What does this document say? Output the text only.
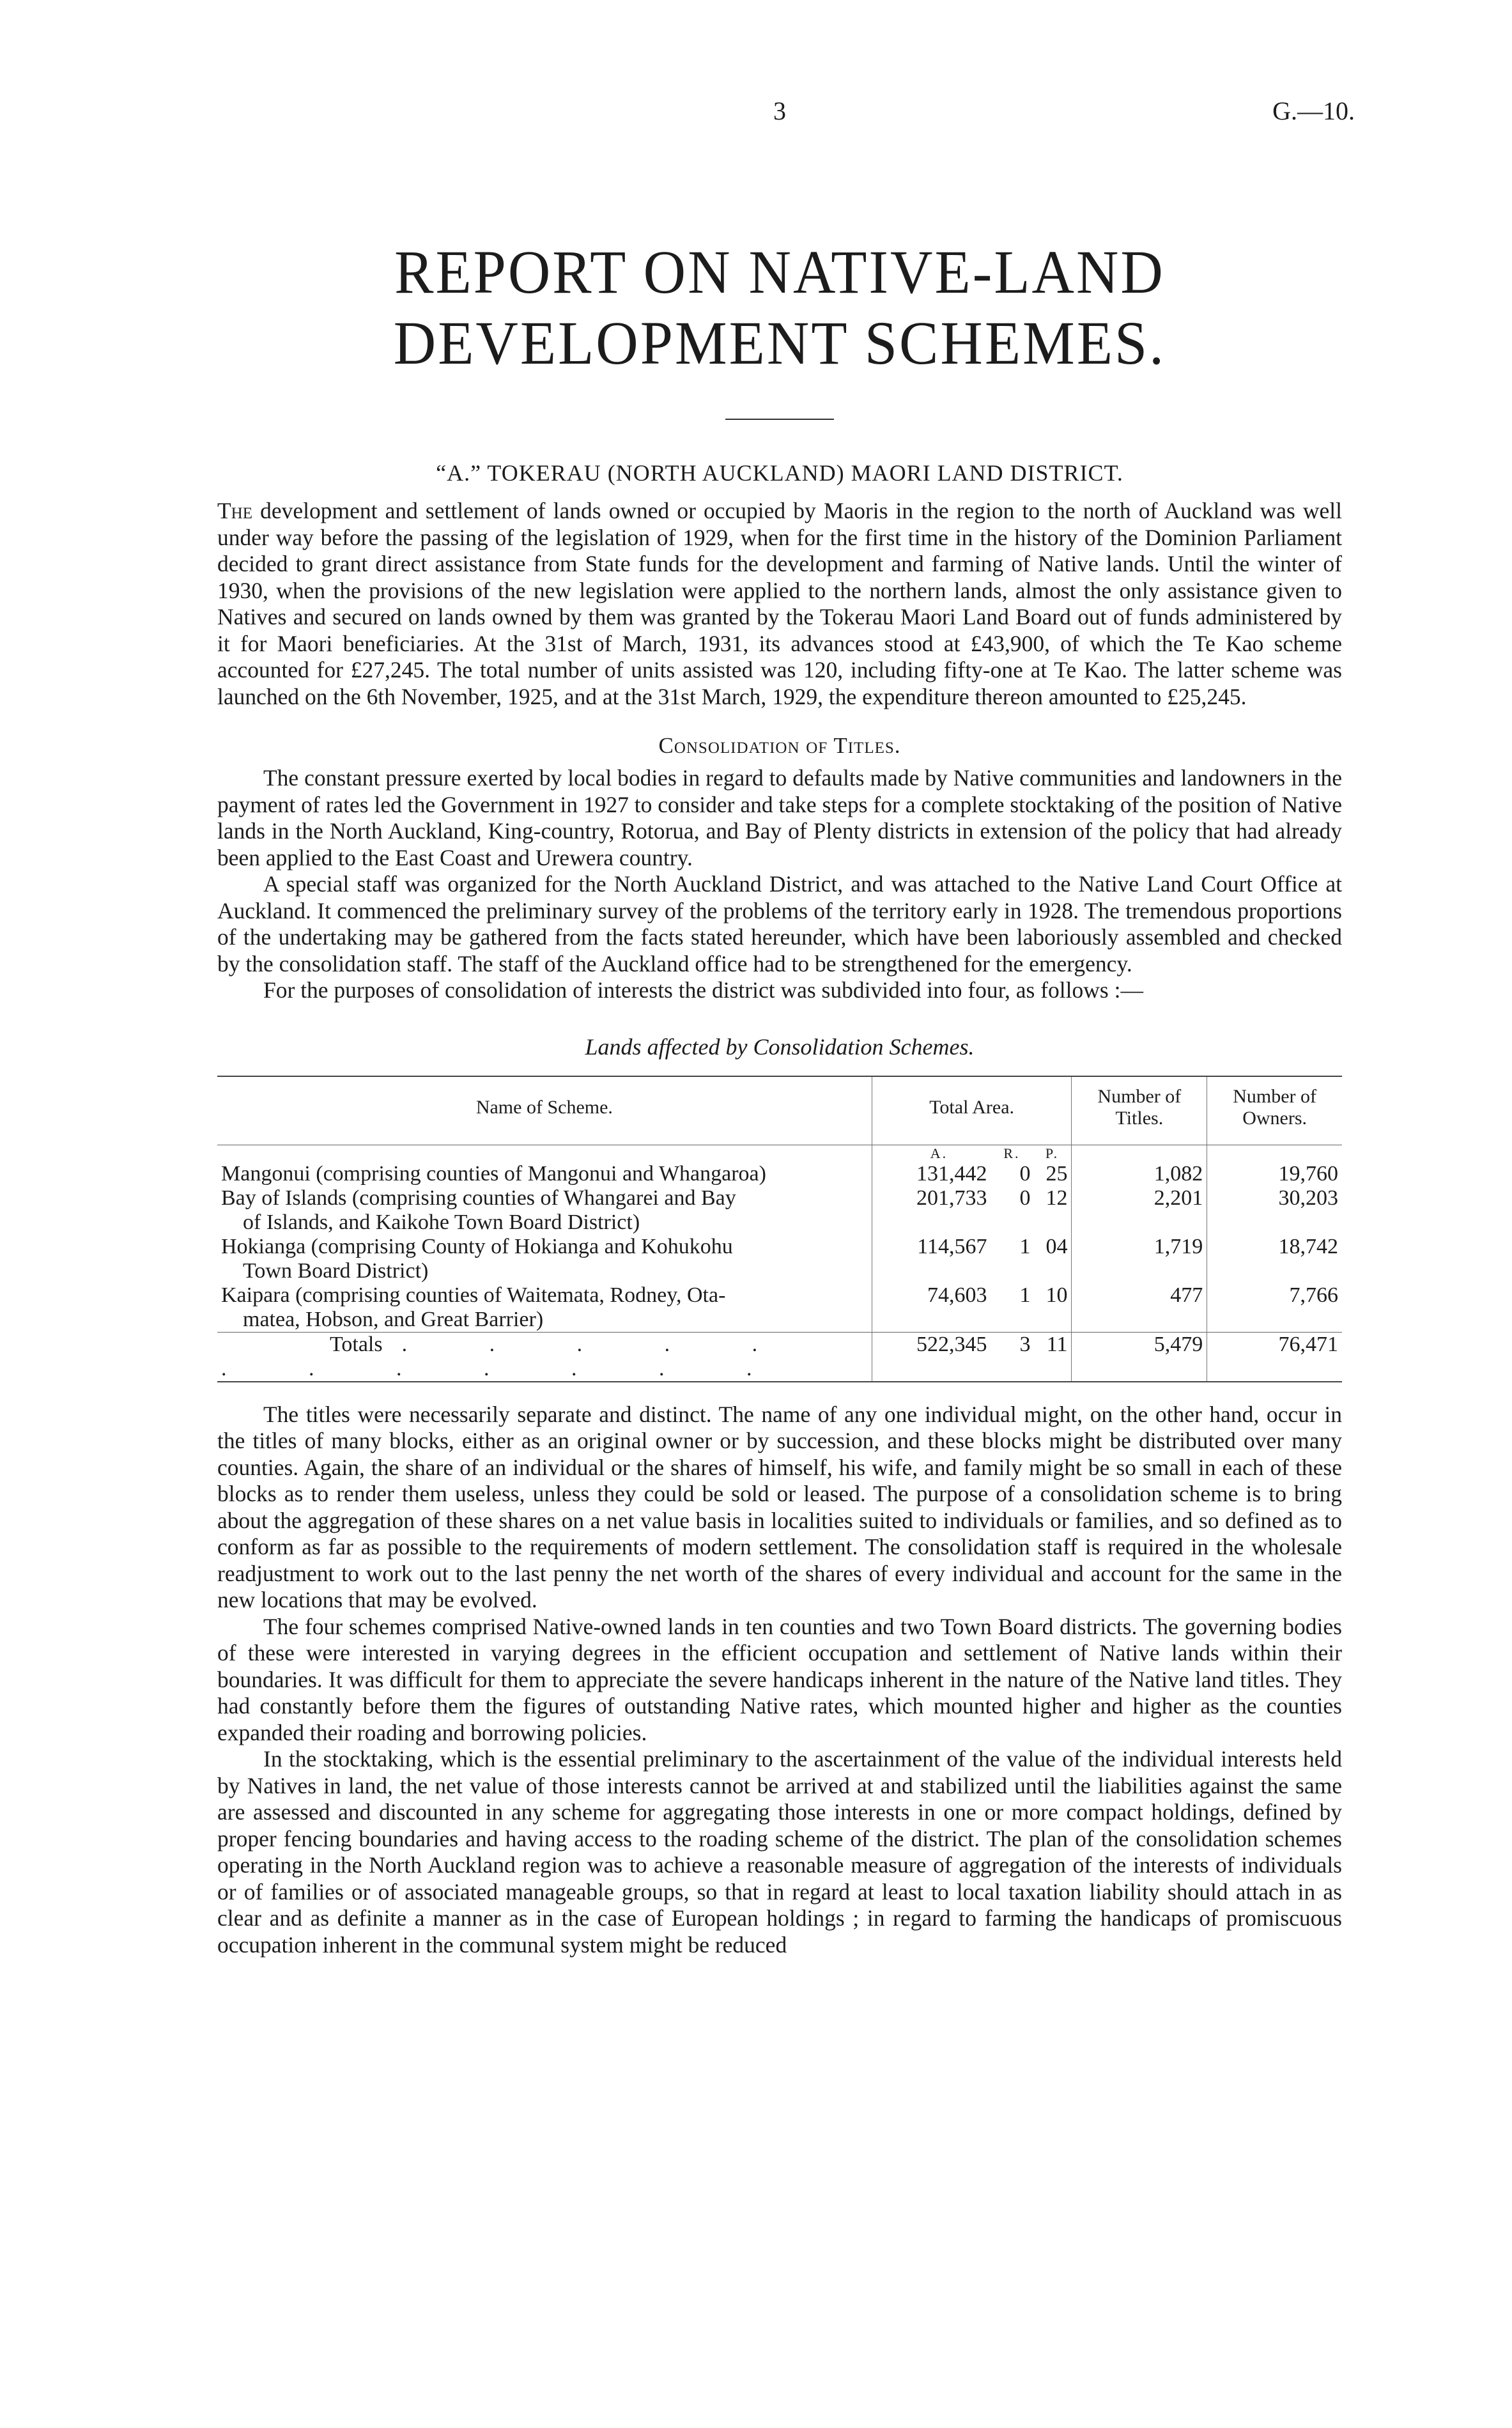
3	G.—10.
REPORT ON NATIVE-LAND DEVELOPMENT SCHEMES.
“A.” TOKERAU (NORTH AUCKLAND) MAORI LAND DISTRICT.

The development and settlement of lands owned or occupied by Maoris in the region to the north of Auckland was well under way before the passing of the legislation of 1929, when for the first time in the history of the Dominion Parliament decided to grant direct assistance from State funds for the development and farming of Native lands. Until the winter of 1930, when the provisions of the new legislation were applied to the northern lands, almost the only assistance given to Natives and secured on lands owned by them was granted by the Tokerau Maori Land Board out of funds administered by it for Maori beneficiaries. At the 31st of March, 1931, its advances stood at £43,900, of which the Te Kao scheme accounted for £27,245. The total number of units assisted was 120, including fifty-one at Te Kao. The latter scheme was launched on the 6th November, 1925, and at the 31st March, 1929, the expenditure thereon amounted to £25,245.

Consolidation of Titles.

The constant pressure exerted by local bodies in regard to defaults made by Native communities and landowners in the payment of rates led the Government in 1927 to consider and take steps for a complete stocktaking of the position of Native lands in the North Auckland, King-country, Rotorua, and Bay of Plenty districts in extension of the policy that had already been applied to the East Coast and Urewera country.

A special staff was organized for the North Auckland District, and was attached to the Native Land Court Office at Auckland. It commenced the preliminary survey of the problems of the territory early in 1928. The tremendous proportions of the undertaking may be gathered from the facts stated hereunder, which have been laboriously assembled and checked by the consolidation staff. The staff of the Auckland office had to be strengthened for the emergency.

For the purposes of consolidation of interests the district was subdivided into four, as follows :—

Lands affected by Consolidation Schemes.
Name of Scheme.	Total Area.	Number of Titles.	Number of Owners.

	A. R. P.		

Mangonui (comprising counties of Mangonui and Whangaroa)	131,442 0 25	1,082	19,760
Bay of Islands (comprising counties of Whangarei and Bay
of Islands, and Kaikohe Town Board District)	201,733 0 12	2,201	30,203
Hokianga (comprising County of Hokianga and Kohukohu
Town Board District)	114,567 1 04	1,719	18,742
Kaipara (comprising counties of Waitemata, Rodney, Ota-
matea, Hobson, and Great Barrier)	74,603 1 10	477	7,766
Totals . . . . . . . . . . . .	522,345 3 11	5,479	76,471

The titles were necessarily separate and distinct. The name of any one individual might, on the other hand, occur in the titles of many blocks, either as an original owner or by succession, and these blocks might be distributed over many counties. Again, the share of an individual or the shares of himself, his wife, and family might be so small in each of these blocks as to render them useless, unless they could be sold or leased. The purpose of a consolidation scheme is to bring about the aggregation of these shares on a net value basis in localities suited to individuals or families, and so defined as to conform as far as possible to the requirements of modern settlement. The consolidation staff is required in the wholesale readjustment to work out to the last penny the net worth of the shares of every individual and account for the same in the new locations that may be evolved.

The four schemes comprised Native-owned lands in ten counties and two Town Board districts. The governing bodies of these were interested in varying degrees in the efficient occupation and settlement of Native lands within their boundaries. It was difficult for them to appreciate the severe handicaps inherent in the nature of the Native land titles. They had constantly before them the figures of outstanding Native rates, which mounted higher and higher as the counties expanded their roading and borrowing policies.

In the stocktaking, which is the essential preliminary to the ascertainment of the value of the individual interests held by Natives in land, the net value of those interests cannot be arrived at and stabilized until the liabilities against the same are assessed and discounted in any scheme for aggregating those interests in one or more compact holdings, defined by proper fencing boundaries and having access to the roading scheme of the district. The plan of the consolidation schemes operating in the North Auckland region was to achieve a reasonable measure of aggregation of the interests of individuals or of families or of associated manageable groups, so that in regard at least to local taxation liability should attach in as clear and as definite a manner as in the case of European holdings ; in regard to farming the handicaps of promiscuous occupation inherent in the communal system might be reduced
